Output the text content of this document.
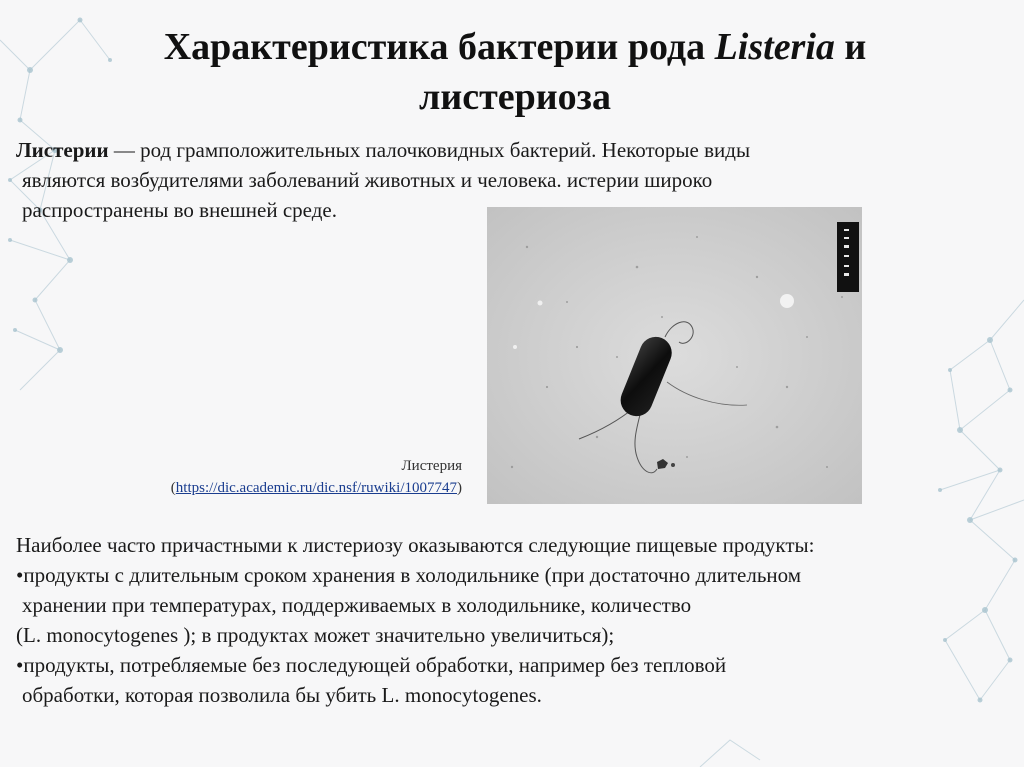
Характеристика бактерии рода Listeria и
листериоза
Листерии — род грамположительных палочковидных бактерий. Некоторые виды
являются возбудителями заболеваний животных и человека. истерии широко
распространены во внешней среде.
Листерия
(https://dic.academic.ru/dic.nsf/ruwiki/1007747)
Наиболее часто причастными к листериозу оказываются следующие пищевые продукты:
•продукты с длительным сроком хранения в холодильнике (при достаточно длительном
хранении при температурах, поддерживаемых в холодильнике, количество
(L. monocytogenes ); в продуктах может значительно увеличиться);
•продукты, потребляемые без последующей обработки, например без тепловой
обработки, которая позволила бы убить L. monocytogenes.
